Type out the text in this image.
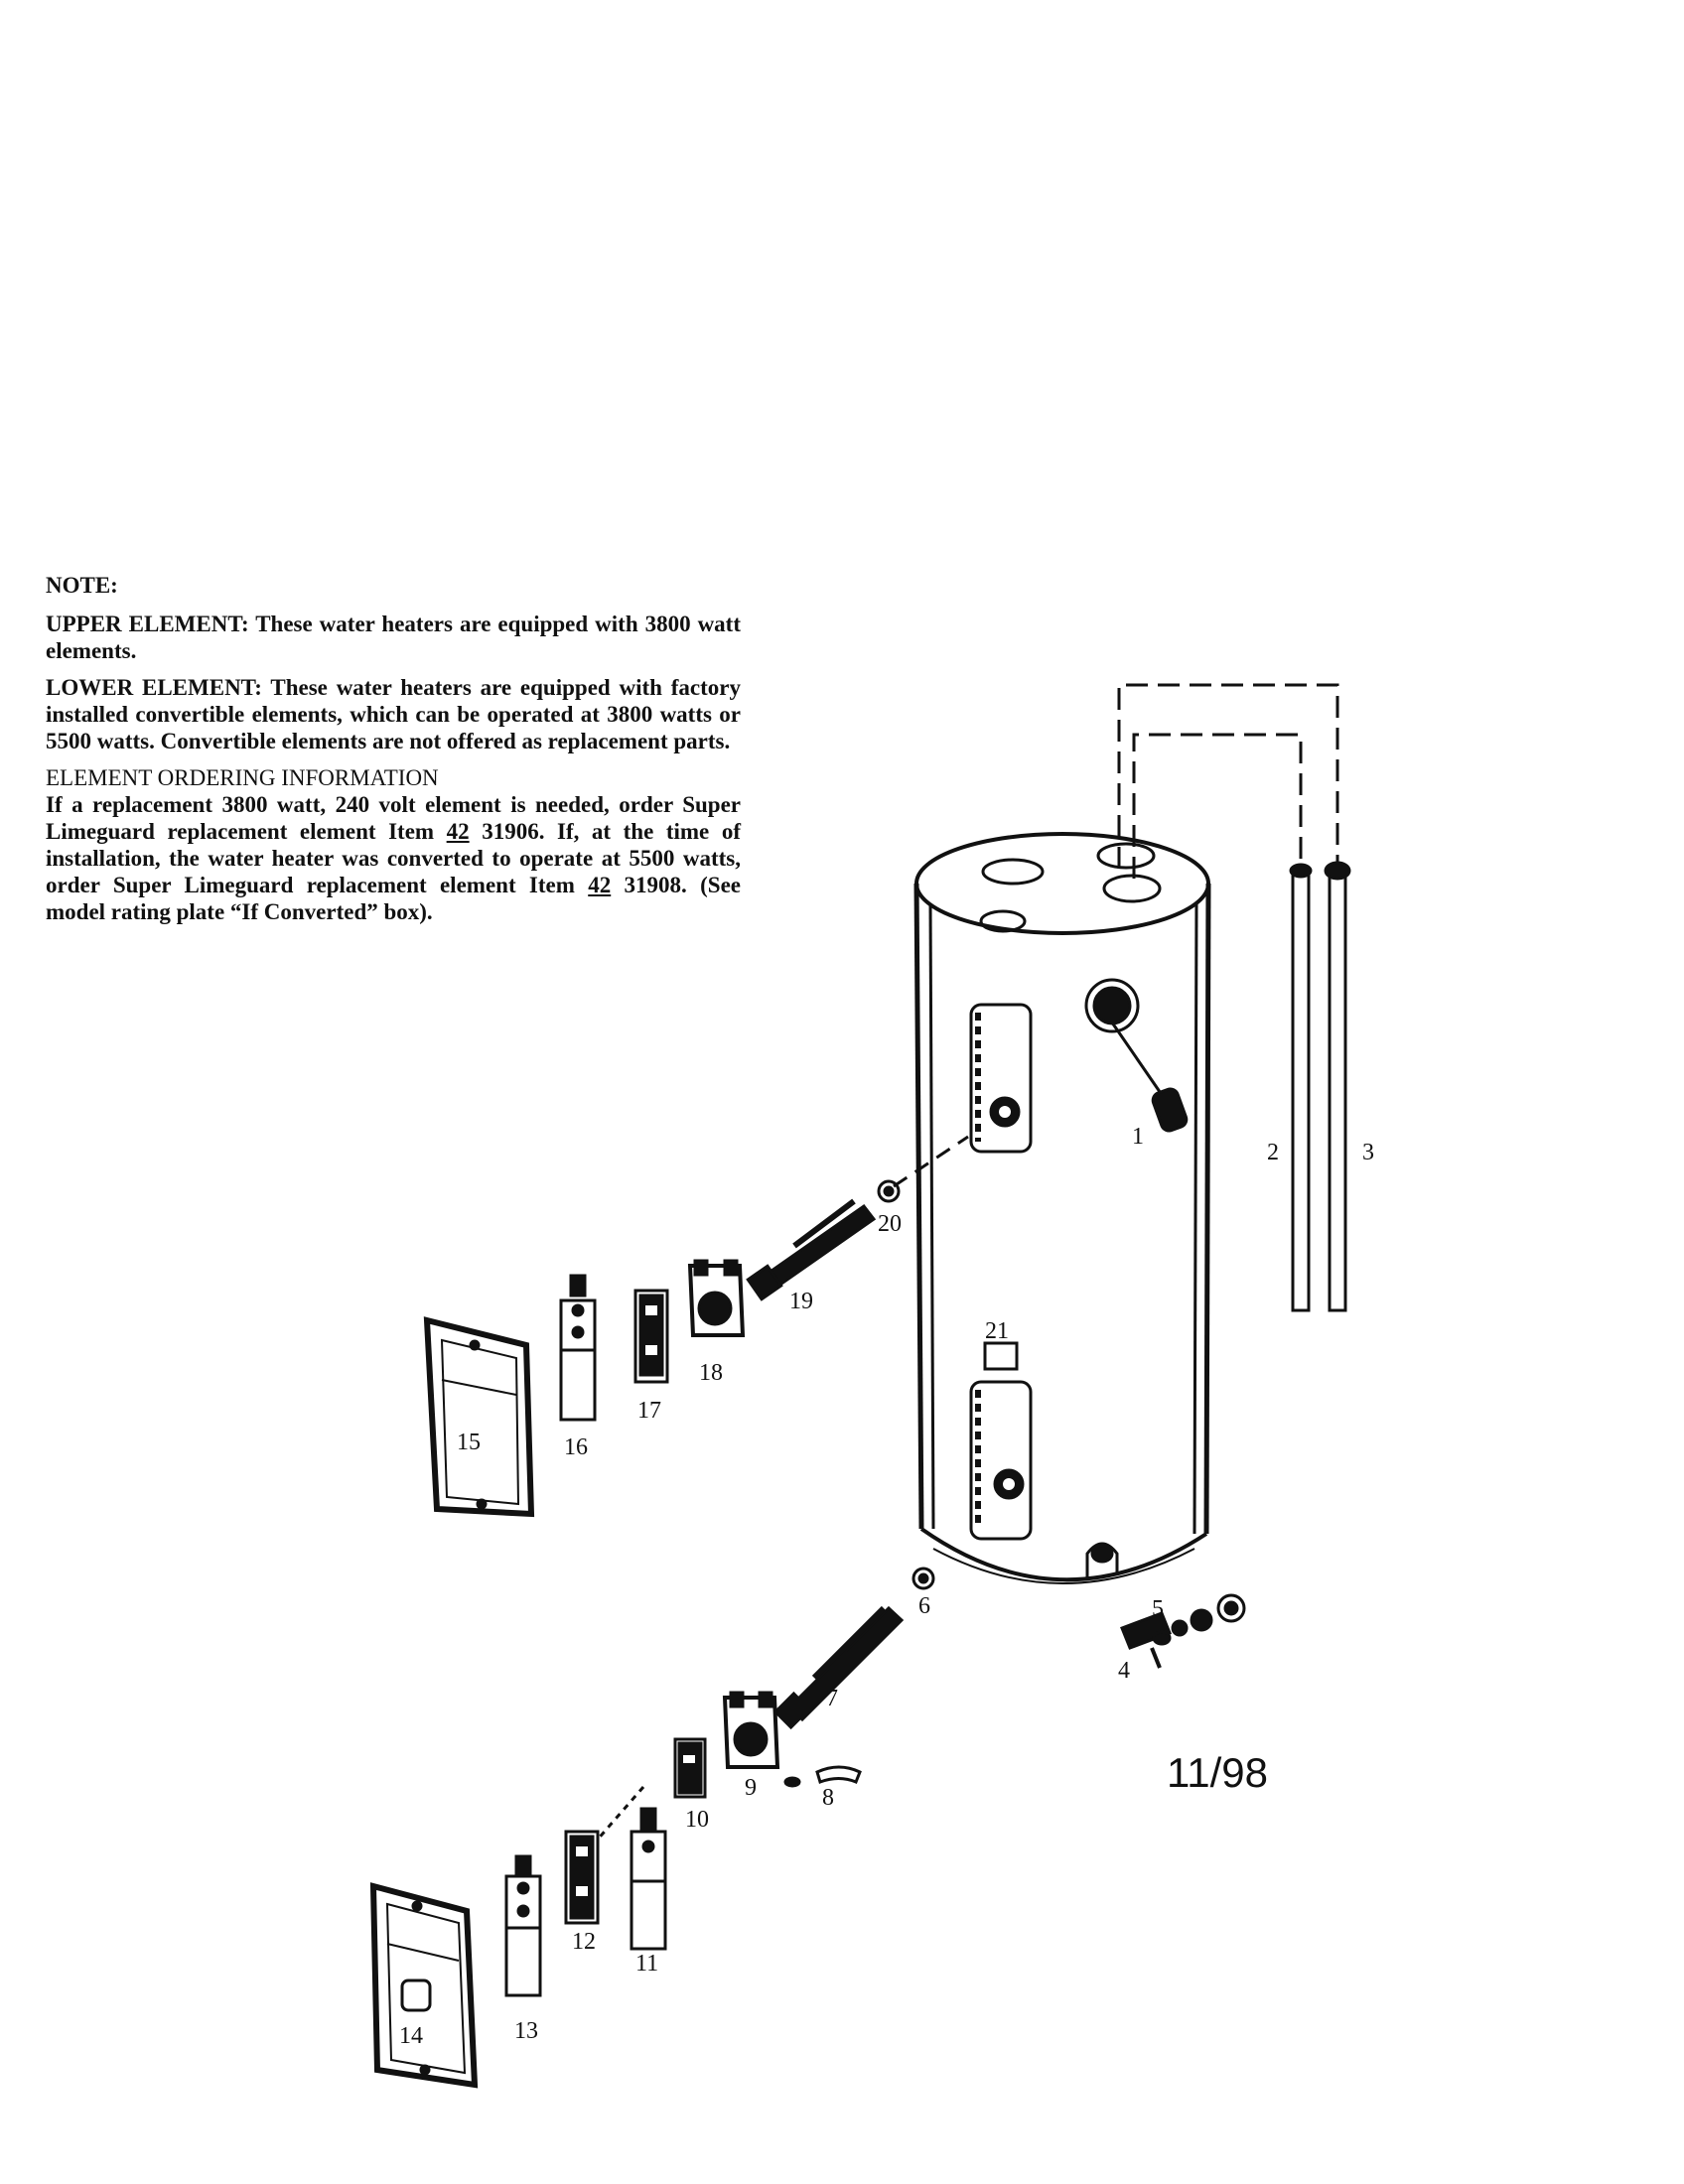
NOTE:

UPPER ELEMENT: These water heaters are equipped with 3800 watt elements.

LOWER ELEMENT: These water heaters are equipped with factory installed convertible elements, which can be operated at 3800 watts or 5500 watts. Convertible elements are not offered as replacement parts.

ELEMENT ORDERING INFORMATION

If a replacement 3800 watt, 240 volt element is needed, order Super Limeguard replacement element Item 42 31906. If, at the time of installation, the water heater was converted to operate at 5500 watts, order Super Limeguard replacement element Item 42 31908. (See model rating plate “If Converted” box).

1
2	3
4
5
6
7
8
9
10
11
12
13
14
15	16
17
18
19
20
21
11/98
